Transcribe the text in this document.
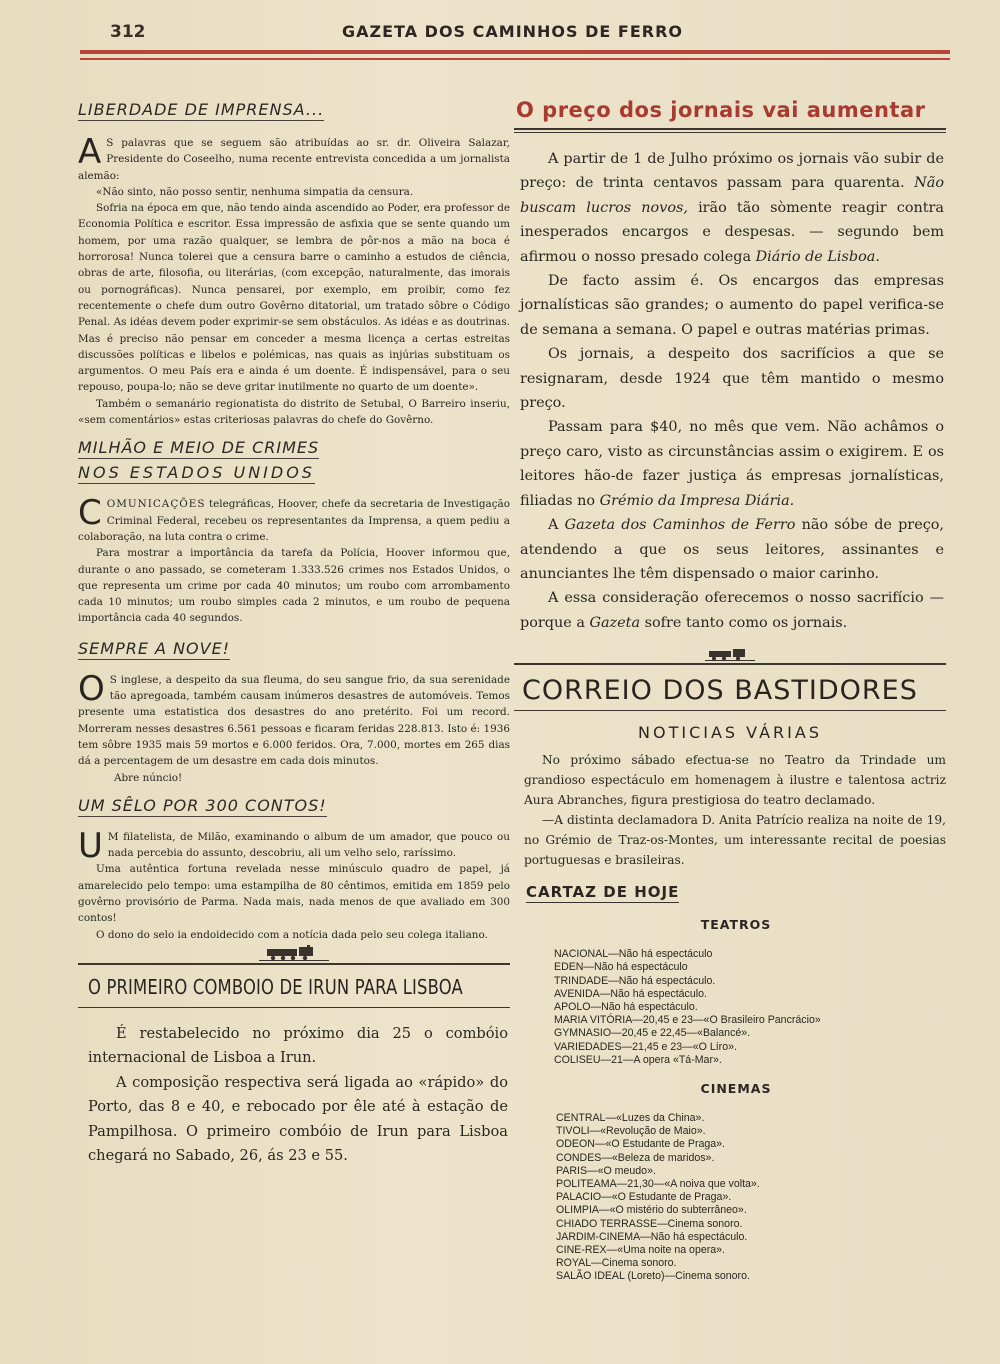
312	GAZETA DOS CAMINHOS DE FERRO
LIBERDADE DE IMPRENSA...

A S palavras que se seguem são atribuídas ao sr. dr. Oliveira Salazar, Presidente do Coseelho, numa recente entrevista concedida a um jornalista alemão:

«Não sinto, não posso sentir, nenhuma simpatia da censura.

Sofria na época em que, não tendo ainda ascendido ao Poder, era professor de Economia Política e escritor. Essa impressão de asfixia que se sente quando um homem, por uma razão qualquer, se lembra de pôr-nos a mão na boca é horrorosa! Nunca tolerei que a censura barre o caminho a estudos de ciência, obras de arte, filosofia, ou literárias, (com excepção, naturalmente, das imorais ou pornográficas). Nunca pensarei, por exemplo, em proibir, como fez recentemente o chefe dum outro Govêrno ditatorial, um tratado sôbre o Código Penal. As idéas devem poder exprimir-se sem obstáculos. As idéas e as doutrinas. Mas é preciso não pensar em conceder a mesma licença a certas estreitas discussões políticas e libelos e polémicas, nas quais as injúrias substituam os argumentos. O meu País era e ainda é um doente. É indispensável, para o seu repouso, poupa-lo; não se deve gritar inutilmente no quarto de um doente».

Também o semanário regionatista do distrito de Setubal, O Barreiro inseriu, «sem comentários» estas criteriosas palavras do chefe do Govêrno.

MILHÃO E MEIO DE CRIMES
NOS ESTADOS UNIDOS

COMUNICAÇÕES telegráficas, Hoover, chefe da secretaria de Investigação Criminal Federal, recebeu os representantes da Imprensa, a quem pediu a colaboração, na luta contra o crime.

Para mostrar a importância da tarefa da Polícia, Hoover informou que, durante o ano passado, se cometeram 1.333.526 crimes nos Estados Unidos, o que representa um crime por cada 40 minutos; um roubo com arrombamento cada 10 minutos; um roubo simples cada 2 minutos, e um roubo de pequena importância cada 40 segundos.

SEMPRE A NOVE!

O S inglese, a despeito da sua fleuma, do seu sangue frio, da sua serenidade tão apregoada, também causam inúmeros desastres de automóveis. Temos presente uma estatistica dos desastres do ano pretérito. Foi um record. Morreram nesses desastres 6.561 pessoas e ficaram feridas 228.813. Isto é: 1936 tem sôbre 1935 mais 59 mortos e 6.000 feridos. Ora, 7.000, mortes em 265 dias dá a percentagem de um desastre em cada dois minutos.

Abre núncio!

UM SÊLO POR 300 CONTOS!

U M filatelista, de Milão, examinando o album de um amador, que pouco ou nada percebia do assunto, descobriu, ali um velho selo, raríssimo.

Uma autêntica fortuna revelada nesse minúsculo quadro de papel, já amarelecido pelo tempo: uma estampilha de 80 cêntimos, emitida em 1859 pelo govêrno provisório de Parma. Nada mais, nada menos de que avaliado em 300 contos!

O dono do selo ia endoidecido com a notícia dada pelo seu colega italiano.

O PRIMEIRO COMBOIO DE IRUN PARA LISBOA

É restabelecido no próximo dia 25 o combóio internacional de Lisboa a Irun.

A composição respectiva será ligada ao «rápido» do Porto, das 8 e 40, e rebocado por êle até à estação de Pampilhosa. O primeiro combóio de Irun para Lisboa chegará no Sabado, 26, ás 23 e 55.

O preço dos jornais vai aumentar

A partir de 1 de Julho próximo os jornais vão subir de preço: de trinta centavos passam para quarenta. Não buscam lucros novos, irão tão sòmente reagir contra inesperados encargos e despesas. — segundo bem afirmou o nosso presado colega Diário de Lisboa.

De facto assim é. Os encargos das empresas jornalísticas são grandes; o aumento do papel verifica-se de semana a semana. O papel e outras matérias primas.

Os jornais, a despeito dos sacrifícios a que se resignaram, desde 1924 que têm mantido o mesmo preço.

Passam para $40, no mês que vem. Não achâmos o preço caro, visto as circunstâncias assim o exigirem. E os leitores hão-de fazer justiça ás empresas jornalísticas, filiadas no Grémio da Impresa Diária.

A Gazeta dos Caminhos de Ferro não sóbe de preço, atendendo a que os seus leitores, assinantes e anunciantes lhe têm dispensado o maior carinho.

A essa consideração oferecemos o nosso sacrifício — porque a Gazeta sofre tanto como os jornais.

CORREIO DOS BASTIDORES
NOTICIAS VÁRIAS

No próximo sábado efectua-se no Teatro da Trindade um grandioso espectáculo em homenagem à ilustre e talentosa actriz Aura Abranches, figura prestigiosa do teatro declamado.

—A distinta declamadora D. Anita Patrício realiza na noite de 19, no Grémio de Traz-os-Montes, um interessante recital de poesias portuguesas e brasileiras.

CARTAZ DE HOJE
TEATROS
NACIONAL—Não há espectáculo
EDEN—Não há espectáculo
TRINDADE—Não há espectáculo.
AVENIDA—Não há espectáculo.
APOLO—Não há espectáculo.
MARIA VITÓRIA—20,45 e 23—«O Brasileiro Pancrácio»
GYMNASIO—20,45 e 22,45—«Balancé».
VARIEDADES—21,45 e 23—«O Líro».
COLISEU—21—A opera «Tá-Mar».
CINEMAS
CENTRAL—«Luzes da China».
TIVOLI—«Revolução de Maio».
ODEON—«O Estudante de Praga».
CONDES—«Beleza de maridos».
PARIS—«O meudo».
POLITEAMA—21,30—«A noiva que volta».
PALACIO—«O Estudante de Praga».
OLIMPIA—«O mistério do subterrâneo».
CHIADO TERRASSE—Cinema sonoro.
JARDIM-CINEMA—Não há espectáculo.
CINE-REX—«Uma noite na opera».
ROYAL—Cinema sonoro.
SALÃO IDEAL (Loreto)—Cinema sonoro.
